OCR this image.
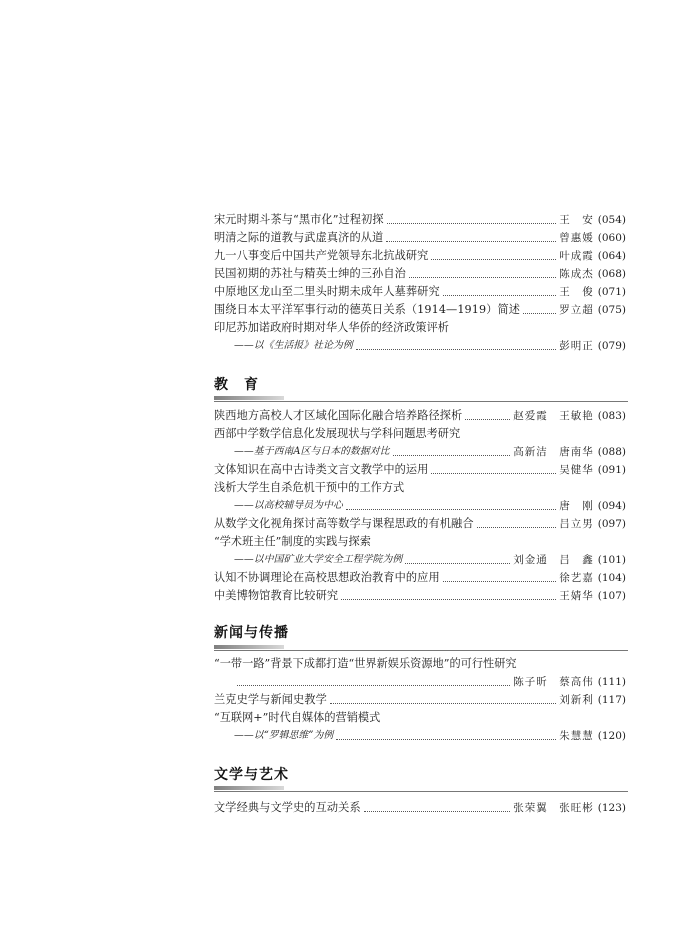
宋元时期斗茶与“黑市化”过程初探	王　安 ( 054 )
明清之际的道教与武虚真济的从道	曾惠媛 ( 060 )
九一八事变后中国共产党领导东北抗战研究	叶成霞 ( 064 )
民国初期的苏社与精英士绅的三孙自治	陈成杰 ( 068 )
中原地区龙山至二里头时期未成年人墓葬研究	王　俊 ( 071 )
围绕日本太平洋军事行动的德英日关系（1914—1919）简述	罗立超 ( 075 )
印尼苏加诺政府时期对华人华侨的经济政策评析
——以《生活报》社论为例	彭明正 ( 079 )
教　育
陕西地方高校人才区域化国际化融合培养路径探析	赵爱霞　王敏艳 ( 083 )
西部中学数学信息化发展现状与学科问题思考研究
——基于西南A区与日本的数据对比	高新洁　唐南华 ( 088 )
文体知识在高中古诗类文言文教学中的运用	吴健华 ( 091 )
浅析大学生自杀危机干预中的工作方式
——以高校辅导员为中心	唐　刚 ( 094 )
从数学文化视角探讨高等数学与课程思政的有机融合	吕立男 ( 097 )
“学术班主任”制度的实践与探索
——以中国矿业大学安全工程学院为例	刘金通　吕　鑫 ( 101 )
认知不协调理论在高校思想政治教育中的应用	徐艺嘉 ( 104 )
中美博物馆教育比较研究	王婧华 ( 107 )
新闻与传播
“一带一路”背景下成都打造“世界新娱乐资源地”的可行性研究
陈子昕　蔡高伟 ( 111 )
兰克史学与新闻史教学	刘新利 ( 117 )
“互联网+”时代自媒体的营销模式
——以“罗辑思维”为例	朱慧慧 ( 120 )
文学与艺术
文学经典与文学史的互动关系	张荣翼　张旺彬 ( 123 )
